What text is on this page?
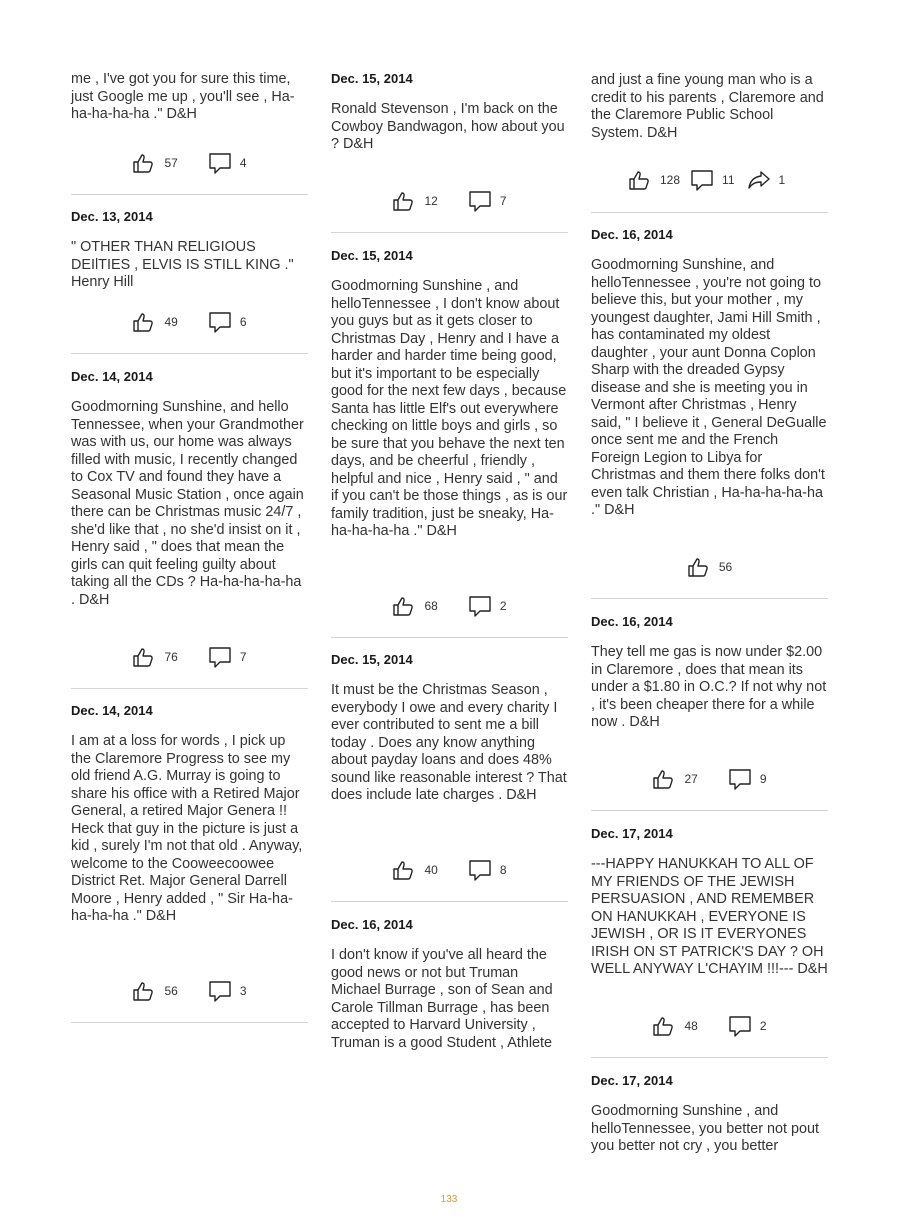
me , I've got you for sure this time, just Google me up , you'll see , Ha-ha-ha-ha-ha ." D&H

57	4

Dec. 13, 2014

" OTHER THAN RELIGIOUS DEIlTIES , ELVIS IS STILL KING ." Henry Hill

49	6

Dec. 14, 2014

Goodmorning Sunshine, and hello Tennessee, when your Grandmother was with us, our home was always filled with music, I recently changed to Cox TV and found they have a Seasonal Music Station , once again there can be Christmas music 24/7 , she'd like that , no she'd insist on it , Henry said , " does that mean the girls can quit feeling guilty about taking all the CDs ? Ha-ha-ha-ha-ha . D&H

76	7

Dec. 14, 2014

I am at a loss for words , I pick up the Claremore Progress to see my old friend A.G. Murray is going to share his office with a Retired Major General, a retired Major Genera !! Heck that guy in the picture is just a kid , surely I'm not that old . Anyway, welcome to the Cooweecoowee District Ret. Major General Darrell Moore , Henry added , " Sir Ha-ha-ha-ha-ha ." D&H

56	3

Dec. 15, 2014

Ronald Stevenson , I'm back on the Cowboy Bandwagon, how about you ? D&H

12	7

Dec. 15, 2014

Goodmorning Sunshine , and helloTennessee , I don't know about you guys but as it gets closer to Christmas Day , Henry and I have a harder and harder time being good, but it's important to be especially good for the next few days , because Santa has little Elf's out everywhere checking on little boys and girls , so be sure that you behave the next ten days, and be cheerful , friendly , helpful and nice , Henry said , " and if you can't be those things , as is our family tradition, just be sneaky, Ha-ha-ha-ha-ha ." D&H

68	2

Dec. 15, 2014

It must be the Christmas Season , everybody I owe and every charity I ever contributed to sent me a bill today . Does any know anything about payday loans and does 48% sound like reasonable interest ? That does include late charges . D&H

40	8

Dec. 16, 2014

I don't know if you've all heard the good news or not but Truman Michael Burrage , son of Sean and Carole Tillman Burrage , has been accepted to Harvard University , Truman is a good Student , Athlete

and just a fine young man who is a credit to his parents , Claremore and the Claremore Public School System. D&H

128	11	1

Dec. 16, 2014

Goodmorning Sunshine, and helloTennessee , you're not going to believe this, but your mother , my youngest daughter, Jami Hill Smith , has contaminated my oldest daughter , your aunt Donna Coplon Sharp with the dreaded Gypsy disease and she is meeting you in Vermont after Christmas , Henry said, " I believe it , General DeGualle once sent me and the French Foreign Legion to Libya for Christmas and them there folks don't even talk Christian , Ha-ha-ha-ha-ha ." D&H

56

Dec. 16, 2014

They tell me gas is now under $2.00 in Claremore , does that mean its under a $1.80 in O.C.? If not why not , it's been cheaper there for a while now . D&H

27	9

Dec. 17, 2014

---HAPPY HANUKKAH TO ALL OF MY FRIENDS OF THE JEWISH PERSUASION , AND REMEMBER ON HANUKKAH , EVERYONE IS JEWISH , OR IS IT EVERYONES IRISH ON ST PATRICK'S DAY ? OH WELL ANYWAY L'CHAYIM !!!--- D&H

48	2

Dec. 17, 2014

Goodmorning Sunshine , and helloTennessee, you better not pout you better not cry , you better

133
